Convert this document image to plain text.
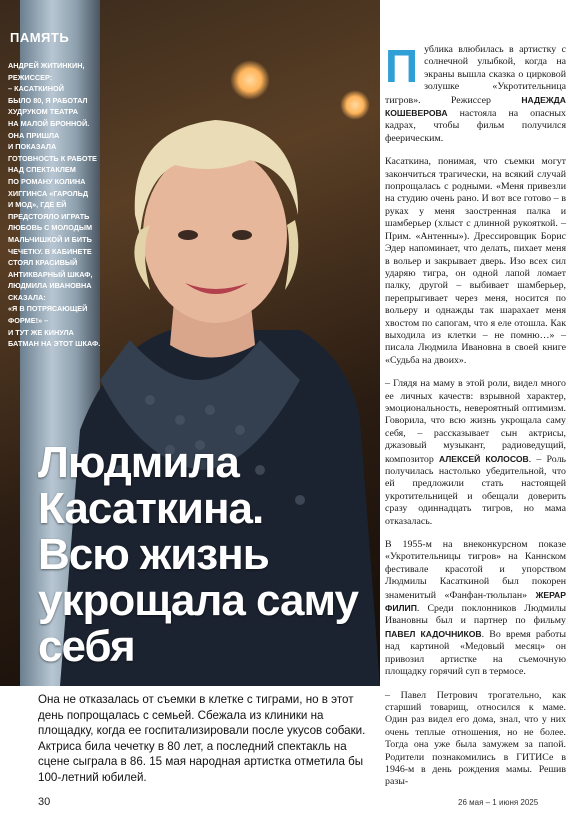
ПАМЯТЬ

АНДРЕЙ ЖИТИНКИН,

РЕЖИССЕР:

– КАСАТКИНОЙ

БЫЛО 80, Я РАБОТАЛ

ХУДРУКОМ ТЕАТРА

НА МАЛОЙ БРОННОЙ.

ОНА ПРИШЛА

И ПОКАЗАЛА

ГОТОВНОСТЬ К РАБОТЕ

НАД СПЕКТАКЛЕМ

ПО РОМАНУ КОЛИНА

ХИГГИНСА «ГАРОЛЬД

И МОД», ГДЕ ЕЙ

ПРЕДСТОЯЛО ИГРАТЬ

ЛЮБОВЬ С МОЛОДЫМ

МАЛЬЧИШКОЙ И БИТЬ

ЧЕЧЕТКУ. В КАБИНЕТЕ

СТОЯЛ КРАСИВЫЙ

АНТИКВАРНЫЙ ШКАФ,

ЛЮДМИЛА ИВАНОВНА

СКАЗАЛА:

«Я В ПОТРЯСАЮЩЕЙ

ФОРМЕ!» –

И ТУТ ЖЕ КИНУЛА

БАТМАН НА ЭТОТ ШКАФ.

Людмила
Касаткина.
Всю жизнь
укрощала саму
себя
Она не отказалась от съемки в клетке с тиграми, но в этот день попрощалась с семьей. Сбежала из клиники на площадку, когда ее госпитализировали после укусов собаки. Актриса била чечетку в 80 лет, а последний спектакль на сцене сыграла в 86. 15 мая народная артистка отметила бы 100-летний юбилей.

Публика влюбилась в артистку с солнечной улыбкой, когда на экраны вышла сказка о цирковой золушке «Укротительница тигров». Режиссер НАДЕЖДА КОШЕВЕРОВА настояла на опасных кадрах, чтобы фильм получился феерическим.

Касаткина, понимая, что съемки могут закончиться трагически, на всякий случай попрощалась с родными. «Меня привезли на студию очень рано. И вот все готово – в руках у меня заостренная палка и шамберьер (хлыст с длинной рукояткой. – Прим. «Антенны»). Дрессировщик Борис Эдер напоминает, что делать, пихает меня в вольер и закрывает дверь. Изо всех сил ударяю тигра, он одной лапой ломает палку, другой – выбивает шамберьер, перепрыгивает через меня, носится по вольеру и однажды так шарахает меня хвостом по сапогам, что я еле отошла. Как выходила из клетки – не помню…» – писала Людмила Ивановна в своей книге «Судьба на двоих».

– Глядя на маму в этой роли, видел много ее личных качеств: взрывной характер, эмоциональность, невероятный оптимизм. Говорила, что всю жизнь укрощала саму себя, – рассказывает сын актрисы, джазовый музыкант, радиоведущий, композитор АЛЕКСЕЙ КОЛОСОВ. – Роль получилась настолько убедительной, что ей предложили стать настоящей укротительницей и обещали доверить сразу одиннадцать тигров, но мама отказалась.

В 1955-м на внеконкурсном показе «Укротительницы тигров» на Каннском фестивале красотой и упорством Людмилы Касаткиной был покорен знаменитый «Фанфан-тюльпан» ЖЕРАР ФИЛИП. Среди поклонников Людмилы Ивановны был и партнер по фильму ПАВЕЛ КАДОЧНИКОВ. Во время работы над картиной «Медовый месяц» он привозил артистке на съемочную площадку горячий суп в термосе.

– Павел Петрович трогательно, как старший товарищ, относился к маме. Один раз видел его дома, знал, что у них очень теплые отношения, но не более. Тогда она уже была замужем за папой. Родители познакомились в ГИТИСе в 1946-м в день рождения мамы. Решив разы-

30	26 мая – 1 июня 2025
